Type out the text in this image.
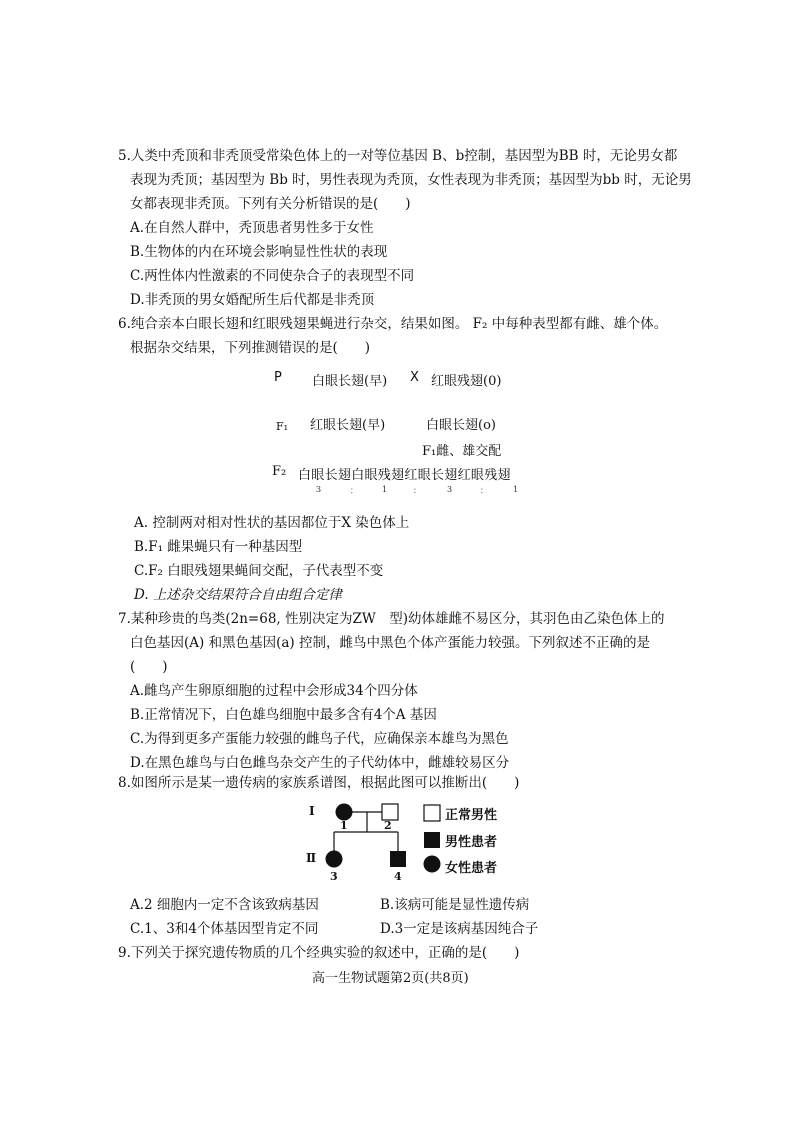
5.人类中秃顶和非秃顶受常染色体上的一对等位基因 B、b控制，基因型为BB 时，无论男女都
表现为秃顶；基因型为 Bb 时，男性表现为秃顶，女性表现为非秃顶；基因型为bb 时，无论男
女都表现非秃顶。下列有关分析错误的是(　　)
A.在自然人群中，秃顶患者男性多于女性
B.生物体的内在环境会影响显性性状的表现
C.两性体内性激素的不同使杂合子的表现型不同
D.非秃顶的男女婚配所生后代都是非秃顶
6.纯合亲本白眼长翅和红眼残翅果蝇进行杂交，结果如图。 F₂ 中每种表型都有雌、雄个体。
根据杂交结果，下列推测错误的是(　　)
P 白眼长翅(早) X 红眼残翅(0)
F₁ 红眼长翅(早)	白眼长翅(o)
F₁雌、雄交配
F₂ 白眼长翅白眼残翅红眼长翅红眼残翅
3	：	1	：	3	：	1
A. 控制两对相对性状的基因都位于X 染色体上
B.F₁ 雌果蝇只有一种基因型
C.F₂ 白眼残翅果蝇间交配，子代表型不变
D. 上述杂交结果符合自由组合定律
7.某种珍贵的鸟类(2n=68, 性别决定为ZW　型)幼体雄雌不易区分，其羽色由乙染色体上的
白色基因(A) 和黑色基因(a) 控制，雌鸟中黑色个体产蛋能力较强。下列叙述不正确的是
(　　)
A.雌鸟产生卵原细胞的过程中会形成34个四分体
B.正常情况下，白色雄鸟细胞中最多含有4个A 基因
C.为得到更多产蛋能力较强的雌鸟子代，应确保亲本雄鸟为黑色
D.在黑色雄鸟与白色雌鸟杂交产生的子代幼体中，雌雄较易区分
8.如图所示是某一遗传病的家族系谱图，根据此图可以推断出(　　)
I
Ⅱ
1	2
3	4
正常男性
男性患者
女性患者
A.2 细胞内一定不含该致病基因	B.该病可能是显性遗传病
C.1、3和4个体基因型肯定不同	D.3一定是该病基因纯合子
9.下列关于探究遗传物质的几个经典实验的叙述中，正确的是(　　)
高一生物试题第2页(共8页)
